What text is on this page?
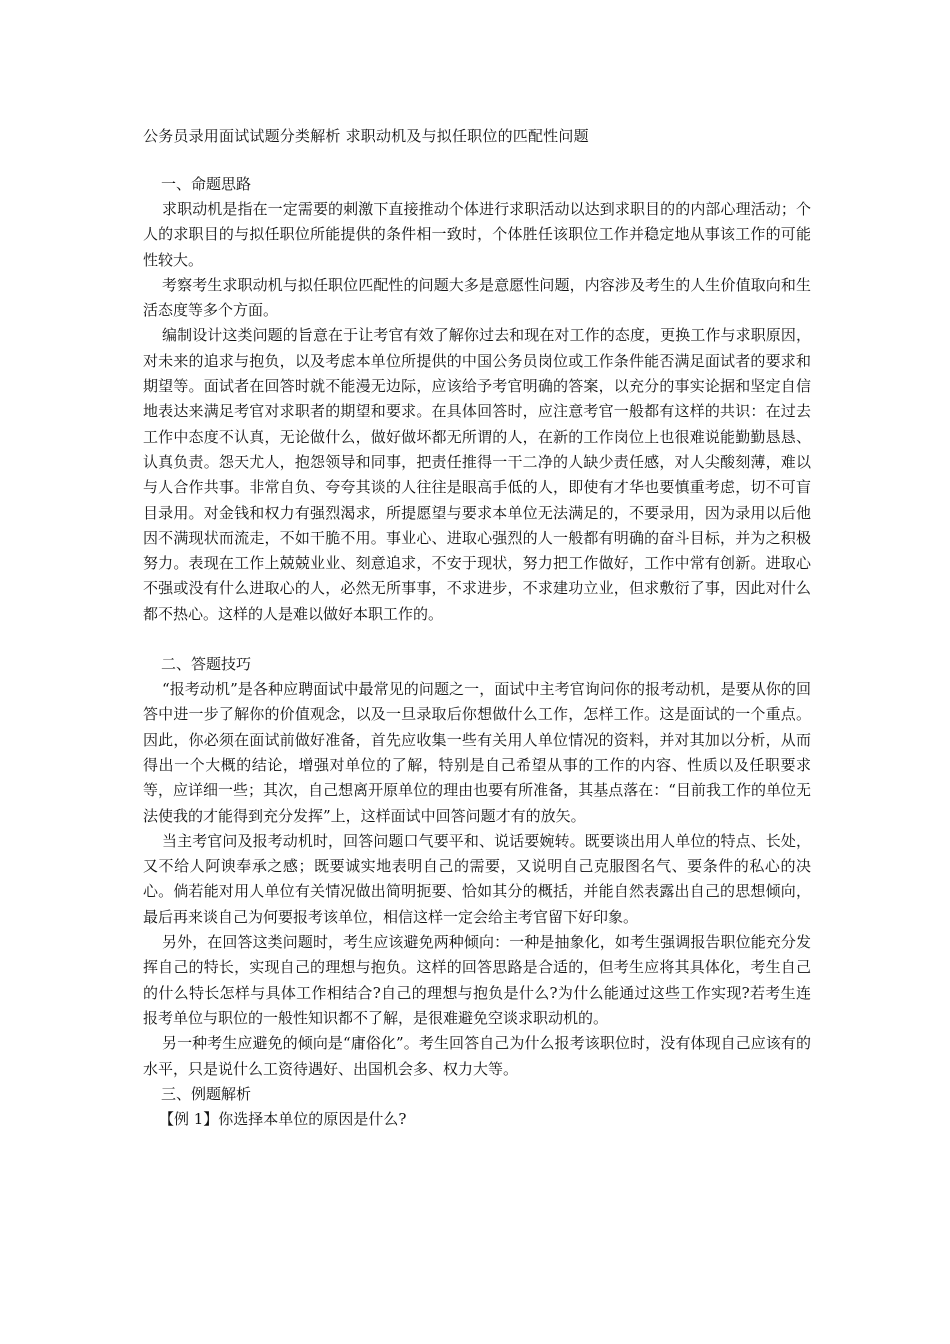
公务员录用面试试题分类解析 求职动机及与拟任职位的匹配性问题

一、命题思路

求职动机是指在一定需要的刺激下直接推动个体进行求职活动以达到求职目的的内部心理活动；个人的求职目的与拟任职位所能提供的条件相一致时，个体胜任该职位工作并稳定地从事该工作的可能性较大。

考察考生求职动机与拟任职位匹配性的问题大多是意愿性问题，内容涉及考生的人生价值取向和生活态度等多个方面。

编制设计这类问题的旨意在于让考官有效了解你过去和现在对工作的态度，更换工作与求职原因，对未来的追求与抱负，以及考虑本单位所提供的中国公务员岗位或工作条件能否满足面试者的要求和期望等。面试者在回答时就不能漫无边际，应该给予考官明确的答案，以充分的事实论据和坚定自信地表达来满足考官对求职者的期望和要求。在具体回答时，应注意考官一般都有这样的共识：在过去工作中态度不认真，无论做什么，做好做坏都无所谓的人，在新的工作岗位上也很难说能勤勤恳恳、认真负责。怨天尤人，抱怨领导和同事，把责任推得一干二净的人缺少责任感，对人尖酸刻薄，难以与人合作共事。非常自负、夸夸其谈的人往往是眼高手低的人，即使有才华也要慎重考虑，切不可盲目录用。对金钱和权力有强烈渴求，所提愿望与要求本单位无法满足的，不要录用，因为录用以后他因不满现状而流走，不如干脆不用。事业心、进取心强烈的人一般都有明确的奋斗目标，并为之积极努力。表现在工作上兢兢业业、刻意追求，不安于现状，努力把工作做好，工作中常有创新。进取心不强或没有什么进取心的人，必然无所事事，不求进步，不求建功立业，但求敷衍了事，因此对什么都不热心。这样的人是难以做好本职工作的。

二、答题技巧

“报考动机”是各种应聘面试中最常见的问题之一，面试中主考官询问你的报考动机，是要从你的回答中进一步了解你的价值观念，以及一旦录取后你想做什么工作，怎样工作。这是面试的一个重点。因此，你必须在面试前做好准备，首先应收集一些有关用人单位情况的资料，并对其加以分析，从而得出一个大概的结论，增强对单位的了解，特别是自己希望从事的工作的内容、性质以及任职要求等，应详细一些；其次，自己想离开原单位的理由也要有所准备，其基点落在：“目前我工作的单位无法使我的才能得到充分发挥”上，这样面试中回答问题才有的放矢。

当主考官问及报考动机时，回答问题口气要平和、说话要婉转。既要谈出用人单位的特点、长处，又不给人阿谀奉承之感；既要诚实地表明自己的需要，又说明自己克服图名气、要条件的私心的决心。倘若能对用人单位有关情况做出简明扼要、恰如其分的概括，并能自然表露出自己的思想倾向，最后再来谈自己为何要报考该单位，相信这样一定会给主考官留下好印象。

另外，在回答这类问题时，考生应该避免两种倾向：一种是抽象化，如考生强调报告职位能充分发挥自己的特长，实现自己的理想与抱负。这样的回答思路是合适的，但考生应将其具体化，考生自己的什么特长怎样与具体工作相结合?自己的理想与抱负是什么?为什么能通过这些工作实现?若考生连报考单位与职位的一般性知识都不了解，是很难避免空谈求职动机的。

另一种考生应避免的倾向是“庸俗化”。考生回答自己为什么报考该职位时，没有体现自己应该有的水平，只是说什么工资待遇好、出国机会多、权力大等。

三、例题解析

【例 1】你选择本单位的原因是什么?
